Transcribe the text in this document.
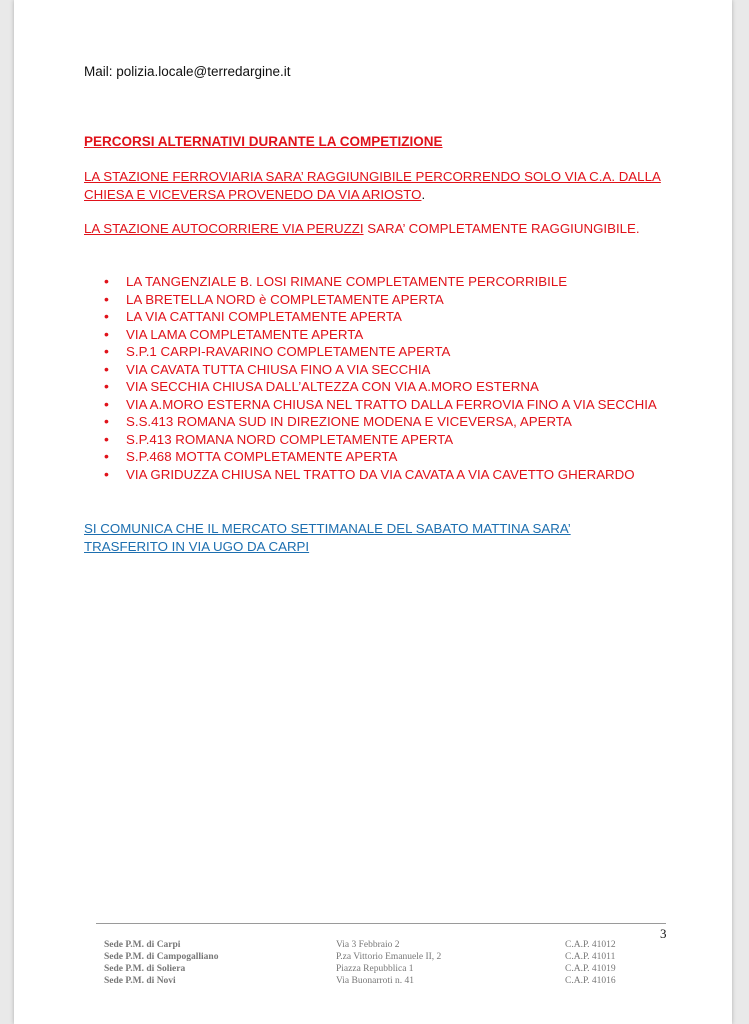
Mail: polizia.locale@terredargine.it
PERCORSI ALTERNATIVI DURANTE LA COMPETIZIONE
LA STAZIONE FERROVIARIA SARA’ RAGGIUNGIBILE PERCORRENDO SOLO VIA C.A. DALLA CHIESA E VICEVERSA PROVENEDO DA VIA ARIOSTO.
LA STAZIONE AUTOCORRIERE VIA PERUZZI SARA’ COMPLETAMENTE RAGGIUNGIBILE.
• LA TANGENZIALE B. LOSI RIMANE COMPLETAMENTE PERCORRIBILE
• LA BRETELLA NORD è COMPLETAMENTE APERTA
• LA VIA CATTANI COMPLETAMENTE APERTA
• VIA LAMA COMPLETAMENTE APERTA
• S.P.1 CARPI-RAVARINO COMPLETAMENTE APERTA
• VIA CAVATA TUTTA CHIUSA FINO A VIA SECCHIA
• VIA SECCHIA CHIUSA DALL’ALTEZZA CON VIA A.MORO ESTERNA
• VIA A.MORO ESTERNA CHIUSA NEL TRATTO DALLA FERROVIA FINO A VIA SECCHIA
• S.S.413 ROMANA SUD IN DIREZIONE MODENA E VICEVERSA, APERTA
• S.P.413 ROMANA NORD COMPLETAMENTE APERTA
• S.P.468 MOTTA COMPLETAMENTE APERTA
• VIA GRIDUZZA CHIUSA NEL TRATTO DA VIA CAVATA A VIA CAVETTO GHERARDO
SI COMUNICA CHE IL MERCATO SETTIMANALE DEL SABATO MATTINA SARA’ TRASFERITO IN VIA UGO DA CARPI
3
Sede P.M. di Carpi	Via 3 Febbraio 2	C.A.P. 41012
Sede P.M. di Campogalliano	P.za Vittorio Emanuele II, 2	C.A.P. 41011
Sede P.M. di Soliera	Piazza Repubblica 1	C.A.P. 41019
Sede P.M. di Novi	Via Buonarroti n. 41	C.A.P. 41016
